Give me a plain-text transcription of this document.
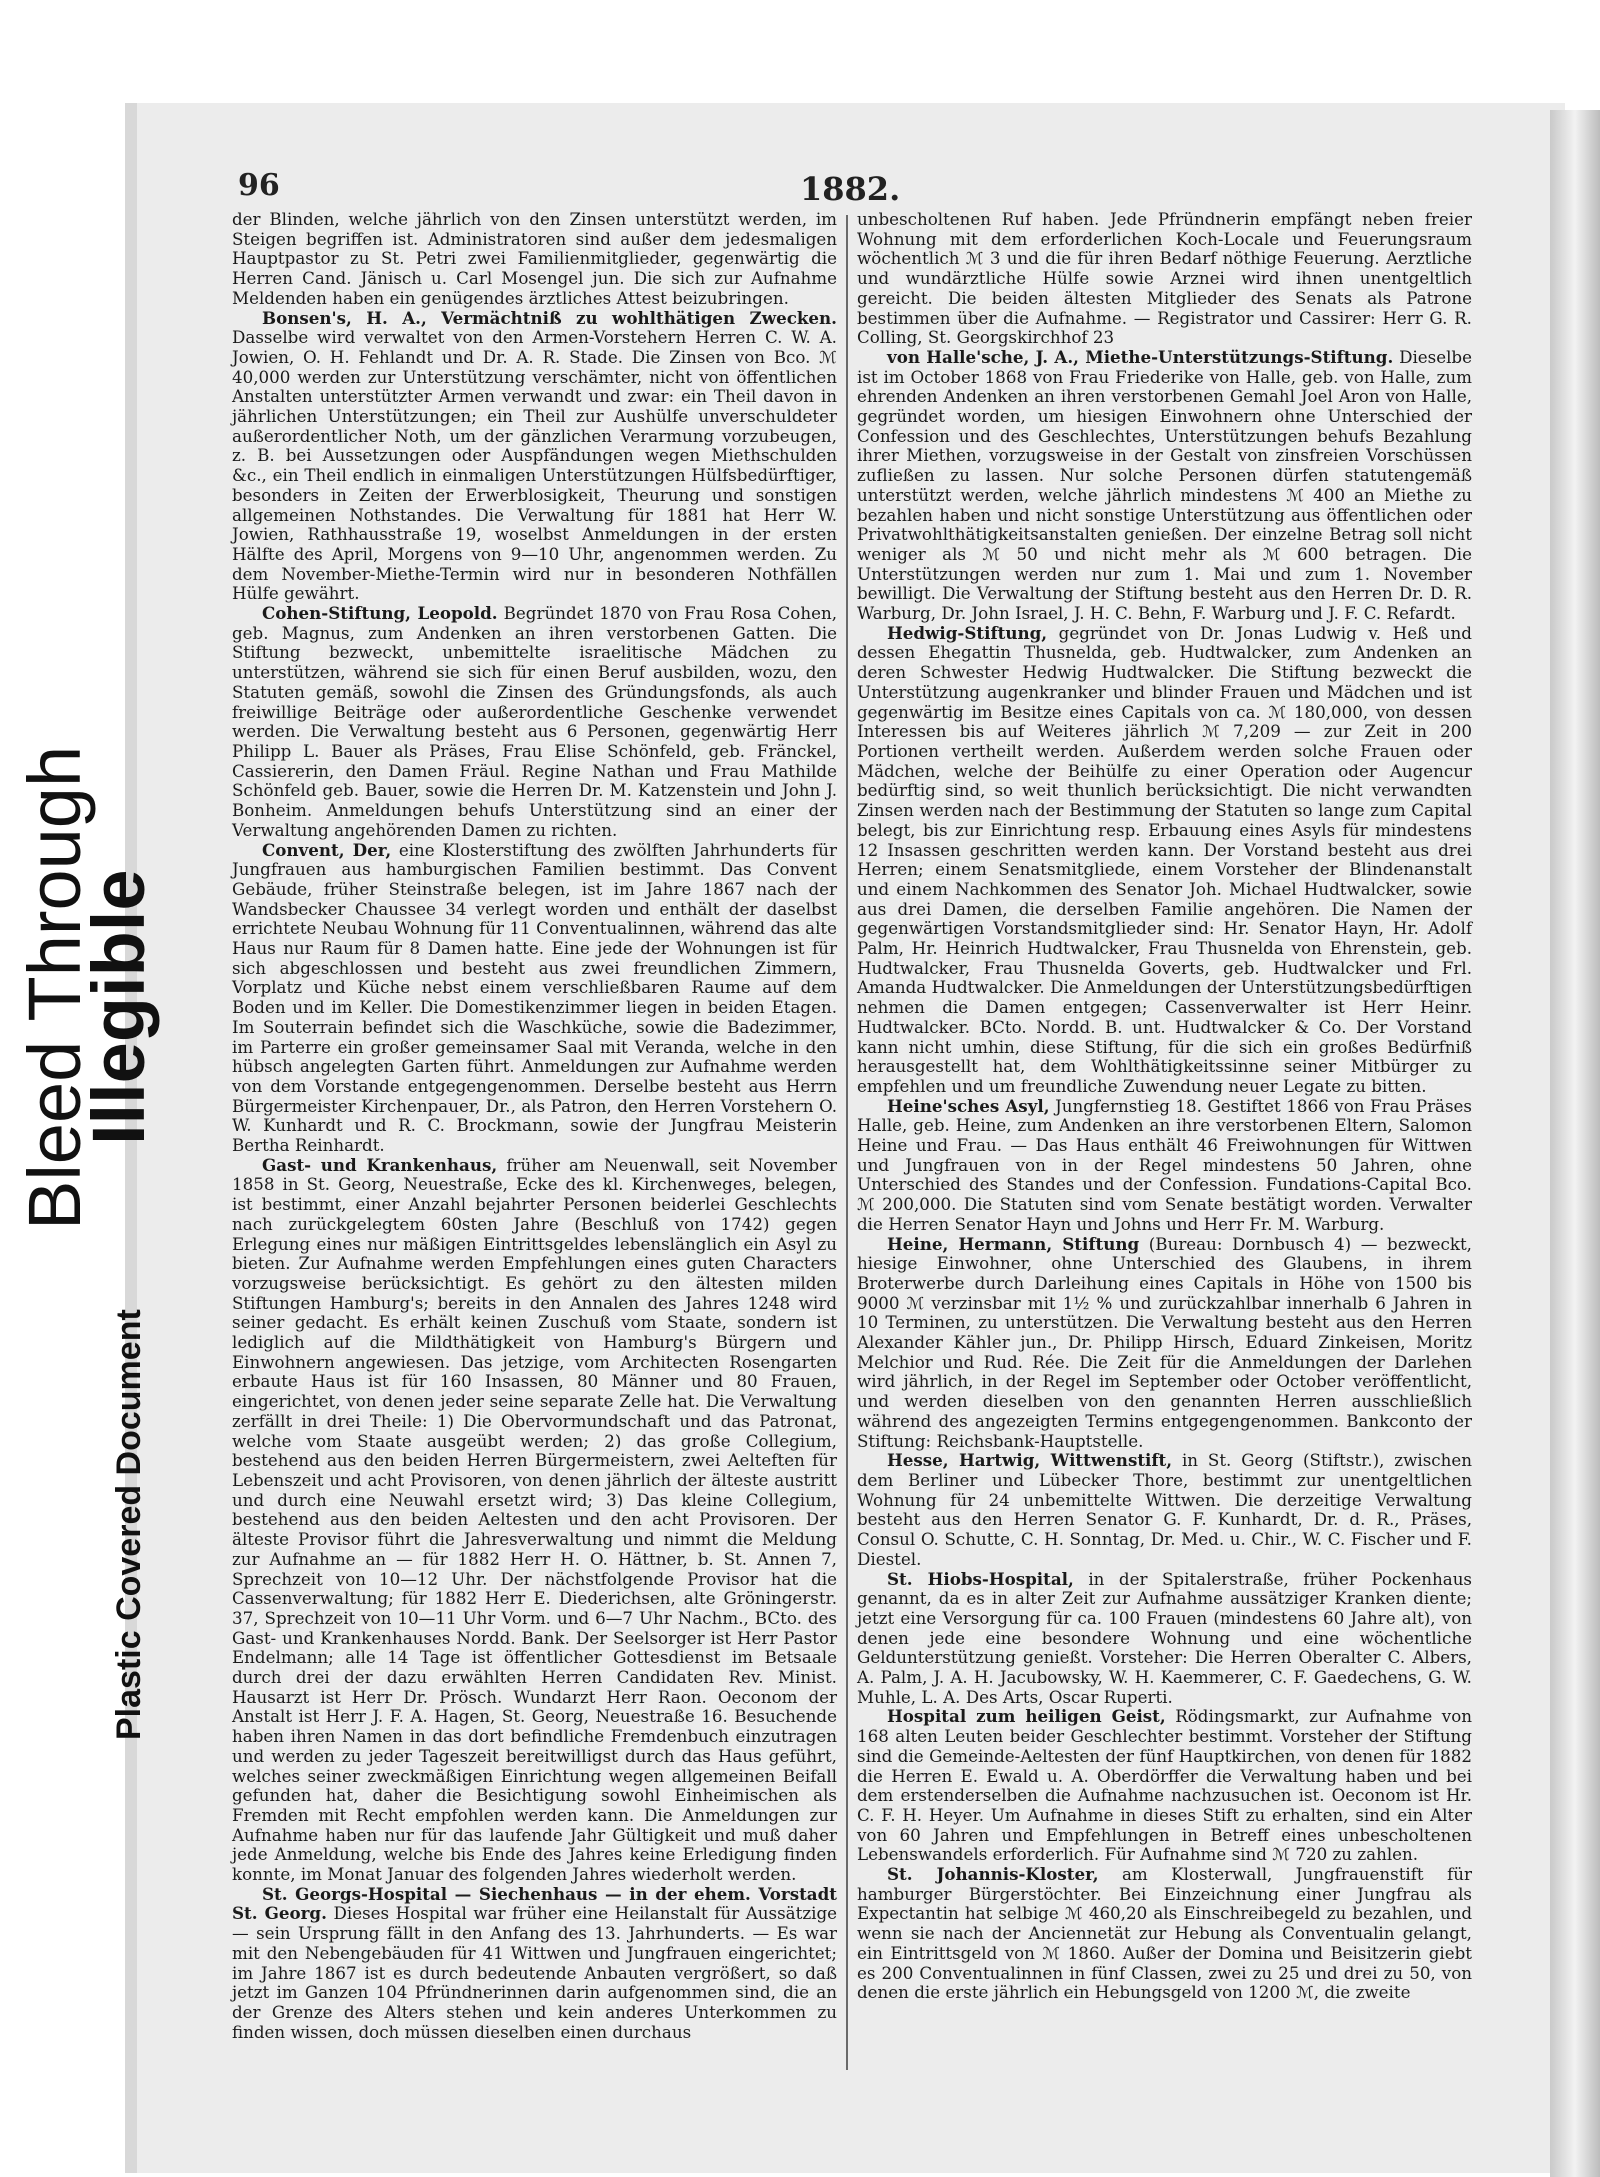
Bleed Through
Illegible
Plastic Covered Document
96	1882.

der Blinden, welche jährlich von den Zinsen unterstützt werden, im Steigen begriffen ist. Administratoren sind außer dem jedesmaligen Hauptpastor zu St. Petri zwei Familienmitglieder, gegenwärtig die Herren Cand. Jänisch u. Carl Mosengel jun. Die sich zur Aufnahme Meldenden haben ein genügendes ärztliches Attest beizubringen.

Bonsen's, H. A., Vermächtniß zu wohlthätigen Zwecken. Dasselbe wird verwaltet von den Armen-Vorstehern Herren C. W. A. Jowien, O. H. Fehlandt und Dr. A. R. Stade. Die Zinsen von Bco. ℳ 40,000 werden zur Unterstützung verschämter, nicht von öffentlichen Anstalten unterstützter Armen verwandt und zwar: ein Theil davon in jährlichen Unterstützungen; ein Theil zur Aushülfe unverschuldeter außerordentlicher Noth, um der gänzlichen Verarmung vorzubeugen, z. B. bei Aussetzungen oder Auspfändungen wegen Miethschulden &c., ein Theil endlich in einmaligen Unterstützungen Hülfsbedürftiger, besonders in Zeiten der Erwerblosigkeit, Theurung und sonstigen allgemeinen Nothstandes. Die Verwaltung für 1881 hat Herr W. Jowien, Rathhausstraße 19, woselbst Anmeldungen in der ersten Hälfte des April, Morgens von 9—10 Uhr, angenommen werden. Zu dem November-Miethe-Termin wird nur in besonderen Nothfällen Hülfe gewährt.

Cohen-Stiftung, Leopold. Begründet 1870 von Frau Rosa Cohen, geb. Magnus, zum Andenken an ihren verstorbenen Gatten. Die Stiftung bezweckt, unbemittelte israelitische Mädchen zu unterstützen, während sie sich für einen Beruf ausbilden, wozu, den Statuten gemäß, sowohl die Zinsen des Gründungsfonds, als auch freiwillige Beiträge oder außerordentliche Geschenke verwendet werden. Die Verwaltung besteht aus 6 Personen, gegenwärtig Herr Philipp L. Bauer als Präses, Frau Elise Schönfeld, geb. Fränckel, Cassiererin, den Damen Fräul. Regine Nathan und Frau Mathilde Schönfeld geb. Bauer, sowie die Herren Dr. M. Katzenstein und John J. Bonheim. Anmeldungen behufs Unterstützung sind an einer der Verwaltung angehörenden Damen zu richten.

Convent, Der, eine Klosterstiftung des zwölften Jahrhunderts für Jungfrauen aus hamburgischen Familien bestimmt. Das Convent Gebäude, früher Steinstraße belegen, ist im Jahre 1867 nach der Wandsbecker Chaussee 34 verlegt worden und enthält der daselbst errichtete Neubau Wohnung für 11 Conventualinnen, während das alte Haus nur Raum für 8 Damen hatte. Eine jede der Wohnungen ist für sich abgeschlossen und besteht aus zwei freundlichen Zimmern, Vorplatz und Küche nebst einem verschließbaren Raume auf dem Boden und im Keller. Die Domestikenzimmer liegen in beiden Etagen. Im Souterrain befindet sich die Waschküche, sowie die Badezimmer, im Parterre ein großer gemeinsamer Saal mit Veranda, welche in den hübsch angelegten Garten führt. Anmeldungen zur Aufnahme werden von dem Vorstande entgegengenommen. Derselbe besteht aus Herrn Bürgermeister Kirchenpauer, Dr., als Patron, den Herren Vorstehern O. W. Kunhardt und R. C. Brockmann, sowie der Jungfrau Meisterin Bertha Reinhardt.

Gast- und Krankenhaus, früher am Neuenwall, seit November 1858 in St. Georg, Neuestraße, Ecke des kl. Kirchenweges, belegen, ist bestimmt, einer Anzahl bejahrter Personen beiderlei Geschlechts nach zurückgelegtem 60sten Jahre (Beschluß von 1742) gegen Erlegung eines nur mäßigen Eintrittsgeldes lebenslänglich ein Asyl zu bieten. Zur Aufnahme werden Empfehlungen eines guten Characters vorzugsweise berücksichtigt. Es gehört zu den ältesten milden Stiftungen Hamburg's; bereits in den Annalen des Jahres 1248 wird seiner gedacht. Es erhält keinen Zuschuß vom Staate, sondern ist lediglich auf die Mildthätigkeit von Hamburg's Bürgern und Einwohnern angewiesen. Das jetzige, vom Architecten Rosengarten erbaute Haus ist für 160 Insassen, 80 Männer und 80 Frauen, eingerichtet, von denen jeder seine separate Zelle hat. Die Verwaltung zerfällt in drei Theile: 1) Die Obervormundschaft und das Patronat, welche vom Staate ausgeübt werden; 2) das große Collegium, bestehend aus den beiden Herren Bürgermeistern, zwei Aelteften für Lebenszeit und acht Provisoren, von denen jährlich der älteste austritt und durch eine Neuwahl ersetzt wird; 3) Das kleine Collegium, bestehend aus den beiden Aeltesten und den acht Provisoren. Der älteste Provisor führt die Jahresverwaltung und nimmt die Meldung zur Aufnahme an — für 1882 Herr H. O. Hättner, b. St. Annen 7, Sprechzeit von 10—12 Uhr. Der nächstfolgende Provisor hat die Cassenverwaltung; für 1882 Herr E. Diederichsen, alte Gröningerstr. 37, Sprechzeit von 10—11 Uhr Vorm. und 6—7 Uhr Nachm., BCto. des Gast- und Krankenhauses Nordd. Bank. Der Seelsorger ist Herr Pastor Endelmann; alle 14 Tage ist öffentlicher Gottesdienst im Betsaale durch drei der dazu erwählten Herren Candidaten Rev. Minist. Hausarzt ist Herr Dr. Prösch. Wundarzt Herr Raon. Oeconom der Anstalt ist Herr J. F. A. Hagen, St. Georg, Neuestraße 16. Besuchende haben ihren Namen in das dort befindliche Fremdenbuch einzutragen und werden zu jeder Tageszeit bereitwilligst durch das Haus geführt, welches seiner zweckmäßigen Einrichtung wegen allgemeinen Beifall gefunden hat, daher die Besichtigung sowohl Einheimischen als Fremden mit Recht empfohlen werden kann. Die Anmeldungen zur Aufnahme haben nur für das laufende Jahr Gültigkeit und muß daher jede Anmeldung, welche bis Ende des Jahres keine Erledigung finden konnte, im Monat Januar des folgenden Jahres wiederholt werden.

St. Georgs-Hospital — Siechenhaus — in der ehem. Vorstadt St. Georg. Dieses Hospital war früher eine Heilanstalt für Aussätzige — sein Ursprung fällt in den Anfang des 13. Jahrhunderts. — Es war mit den Nebengebäuden für 41 Wittwen und Jungfrauen eingerichtet; im Jahre 1867 ist es durch bedeutende Anbauten vergrößert, so daß jetzt im Ganzen 104 Pfründnerinnen darin aufgenommen sind, die an der Grenze des Alters stehen und kein anderes Unterkommen zu finden wissen, doch müssen dieselben einen durchaus

unbescholtenen Ruf haben. Jede Pfründnerin empfängt neben freier Wohnung mit dem erforderlichen Koch-Locale und Feuerungsraum wöchentlich ℳ 3 und die für ihren Bedarf nöthige Feuerung. Aerztliche und wundärztliche Hülfe sowie Arznei wird ihnen unentgeltlich gereicht. Die beiden ältesten Mitglieder des Senats als Patrone bestimmen über die Aufnahme. — Registrator und Cassirer: Herr G. R. Colling, St. Georgskirchhof 23

von Halle'sche, J. A., Miethe-Unterstützungs-Stiftung. Dieselbe ist im October 1868 von Frau Friederike von Halle, geb. von Halle, zum ehrenden Andenken an ihren verstorbenen Gemahl Joel Aron von Halle, gegründet worden, um hiesigen Einwohnern ohne Unterschied der Confession und des Geschlechtes, Unterstützungen behufs Bezahlung ihrer Miethen, vorzugsweise in der Gestalt von zinsfreien Vorschüssen zufließen zu lassen. Nur solche Personen dürfen statutengemäß unterstützt werden, welche jährlich mindestens ℳ 400 an Miethe zu bezahlen haben und nicht sonstige Unterstützung aus öffentlichen oder Privatwohlthätigkeitsanstalten genießen. Der einzelne Betrag soll nicht weniger als ℳ 50 und nicht mehr als ℳ 600 betragen. Die Unterstützungen werden nur zum 1. Mai und zum 1. November bewilligt. Die Verwaltung der Stiftung besteht aus den Herren Dr. D. R. Warburg, Dr. John Israel, J. H. C. Behn, F. Warburg und J. F. C. Refardt.

Hedwig-Stiftung, gegründet von Dr. Jonas Ludwig v. Heß und dessen Ehegattin Thusnelda, geb. Hudtwalcker, zum Andenken an deren Schwester Hedwig Hudtwalcker. Die Stiftung bezweckt die Unterstützung augenkranker und blinder Frauen und Mädchen und ist gegenwärtig im Besitze eines Capitals von ca. ℳ 180,000, von dessen Interessen bis auf Weiteres jährlich ℳ 7,209 — zur Zeit in 200 Portionen vertheilt werden. Außerdem werden solche Frauen oder Mädchen, welche der Beihülfe zu einer Operation oder Augencur bedürftig sind, so weit thunlich berücksichtigt. Die nicht verwandten Zinsen werden nach der Bestimmung der Statuten so lange zum Capital belegt, bis zur Einrichtung resp. Erbauung eines Asyls für mindestens 12 Insassen geschritten werden kann. Der Vorstand besteht aus drei Herren; einem Senatsmitgliede, einem Vorsteher der Blindenanstalt und einem Nachkommen des Senator Joh. Michael Hudtwalcker, sowie aus drei Damen, die derselben Familie angehören. Die Namen der gegenwärtigen Vorstandsmitglieder sind: Hr. Senator Hayn, Hr. Adolf Palm, Hr. Heinrich Hudtwalcker, Frau Thusnelda von Ehrenstein, geb. Hudtwalcker, Frau Thusnelda Goverts, geb. Hudtwalcker und Frl. Amanda Hudtwalcker. Die Anmeldungen der Unterstützungsbedürftigen nehmen die Damen entgegen; Cassenverwalter ist Herr Heinr. Hudtwalcker. BCto. Nordd. B. unt. Hudtwalcker & Co. Der Vorstand kann nicht umhin, diese Stiftung, für die sich ein großes Bedürfniß herausgestellt hat, dem Wohlthätigkeitssinne seiner Mitbürger zu empfehlen und um freundliche Zuwendung neuer Legate zu bitten.

Heine'sches Asyl, Jungfernstieg 18. Gestiftet 1866 von Frau Präses Halle, geb. Heine, zum Andenken an ihre verstorbenen Eltern, Salomon Heine und Frau. — Das Haus enthält 46 Freiwohnungen für Wittwen und Jungfrauen von in der Regel mindestens 50 Jahren, ohne Unterschied des Standes und der Confession. Fundations-Capital Bco. ℳ 200,000. Die Statuten sind vom Senate bestätigt worden. Verwalter die Herren Senator Hayn und Johns und Herr Fr. M. Warburg.

Heine, Hermann, Stiftung (Bureau: Dornbusch 4) — bezweckt, hiesige Einwohner, ohne Unterschied des Glaubens, in ihrem Broterwerbe durch Darleihung eines Capitals in Höhe von 1500 bis 9000 ℳ verzinsbar mit 1½ % und zurückzahlbar innerhalb 6 Jahren in 10 Terminen, zu unterstützen. Die Verwaltung besteht aus den Herren Alexander Kähler jun., Dr. Philipp Hirsch, Eduard Zinkeisen, Moritz Melchior und Rud. Rée. Die Zeit für die Anmeldungen der Darlehen wird jährlich, in der Regel im September oder October veröffentlicht, und werden dieselben von den genannten Herren ausschließlich während des angezeigten Termins entgegengenommen. Bankconto der Stiftung: Reichsbank-Hauptstelle.

Hesse, Hartwig, Wittwenstift, in St. Georg (Stiftstr.), zwischen dem Berliner und Lübecker Thore, bestimmt zur unentgeltlichen Wohnung für 24 unbemittelte Wittwen. Die derzeitige Verwaltung besteht aus den Herren Senator G. F. Kunhardt, Dr. d. R., Präses, Consul O. Schutte, C. H. Sonntag, Dr. Med. u. Chir., W. C. Fischer und F. Diestel.

St. Hiobs-Hospital, in der Spitalerstraße, früher Pockenhaus genannt, da es in alter Zeit zur Aufnahme aussätziger Kranken diente; jetzt eine Versorgung für ca. 100 Frauen (mindestens 60 Jahre alt), von denen jede eine besondere Wohnung und eine wöchentliche Geldunterstützung genießt. Vorsteher: Die Herren Oberalter C. Albers, A. Palm, J. A. H. Jacubowsky, W. H. Kaemmerer, C. F. Gaedechens, G. W. Muhle, L. A. Des Arts, Oscar Ruperti.

Hospital zum heiligen Geist, Rödingsmarkt, zur Aufnahme von 168 alten Leuten beider Geschlechter bestimmt. Vorsteher der Stiftung sind die Gemeinde-Aeltesten der fünf Hauptkirchen, von denen für 1882 die Herren E. Ewald u. A. Oberdörffer die Verwaltung haben und bei dem erstenderselben die Aufnahme nachzusuchen ist. Oeconom ist Hr. C. F. H. Heyer. Um Aufnahme in dieses Stift zu erhalten, sind ein Alter von 60 Jahren und Empfehlungen in Betreff eines unbescholtenen Lebenswandels erforderlich. Für Aufnahme sind ℳ 720 zu zahlen.

St. Johannis-Kloster, am Klosterwall, Jungfrauenstift für hamburger Bürgerstöchter. Bei Einzeichnung einer Jungfrau als Expectantin hat selbige ℳ 460,20 als Einschreibegeld zu bezahlen, und wenn sie nach der Anciennetät zur Hebung als Conventualin gelangt, ein Eintrittsgeld von ℳ 1860. Außer der Domina und Beisitzerin giebt es 200 Conventualinnen in fünf Classen, zwei zu 25 und drei zu 50, von denen die erste jährlich ein Hebungsgeld von 1200 ℳ, die zweite
